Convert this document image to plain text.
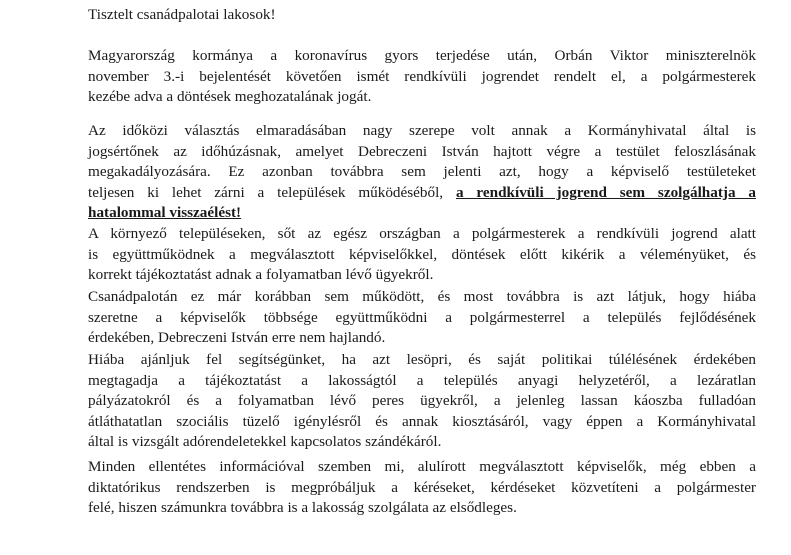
Tisztelt csanádpalotai lakosok!

Magyarország kormánya a koronavírus gyors terjedése után, Orbán Viktor miniszterelnök
november 3.-i bejelentését követően ismét rendkívüli jogrendet rendelt el, a polgármesterek
kezébe adva a döntések meghozatalának jogát.

Az időközi választás elmaradásában nagy szerepe volt annak a Kormányhivatal által is
jogsértőnek az időhúzásnak, amelyet Debreczeni István hajtott végre a testület feloszlásának
megakadályozására. Ez azonban továbbra sem jelenti azt, hogy a képviselő testületeket
teljesen ki lehet zárni a települések működéséből, a rendkívüli jogrend sem szolgálhatja a
hatalommal visszaélést!

A környező településeken, sőt az egész országban a polgármesterek a rendkívüli jogrend alatt
is együttműködnek a megválasztott képviselőkkel, döntések előtt kikérik a véleményüket, és
korrekt tájékoztatást adnak a folyamatban lévő ügyekről.

Csanádpalotán ez már korábban sem működött, és most továbbra is azt látjuk, hogy hiába
szeretne a képviselők többsége együttműködni a polgármesterrel a település fejlődésének
érdekében, Debreczeni István erre nem hajlandó.

Hiába ajánljuk fel segítségünket, ha azt lesöpri, és saját politikai túlélésének érdekében
megtagadja a tájékoztatást a lakosságtól a település anyagi helyzetéről, a lezáratlan
pályázatokról és a folyamatban lévő peres ügyekről, a jelenleg lassan káoszba fulladóan
átláthatatlan szociális tüzelő igénylésről és annak kiosztásáról, vagy éppen a Kormányhivatal
által is vizsgált adórendeletekkel kapcsolatos szándékáról.

Minden ellentétes információval szemben mi, alulírott megválasztott képviselők, még ebben a
diktatórikus rendszerben is megpróbáljuk a kéréseket, kérdéseket közvetíteni a polgármester
felé, hiszen számunkra továbbra is a lakosság szolgálata az elsődleges.
